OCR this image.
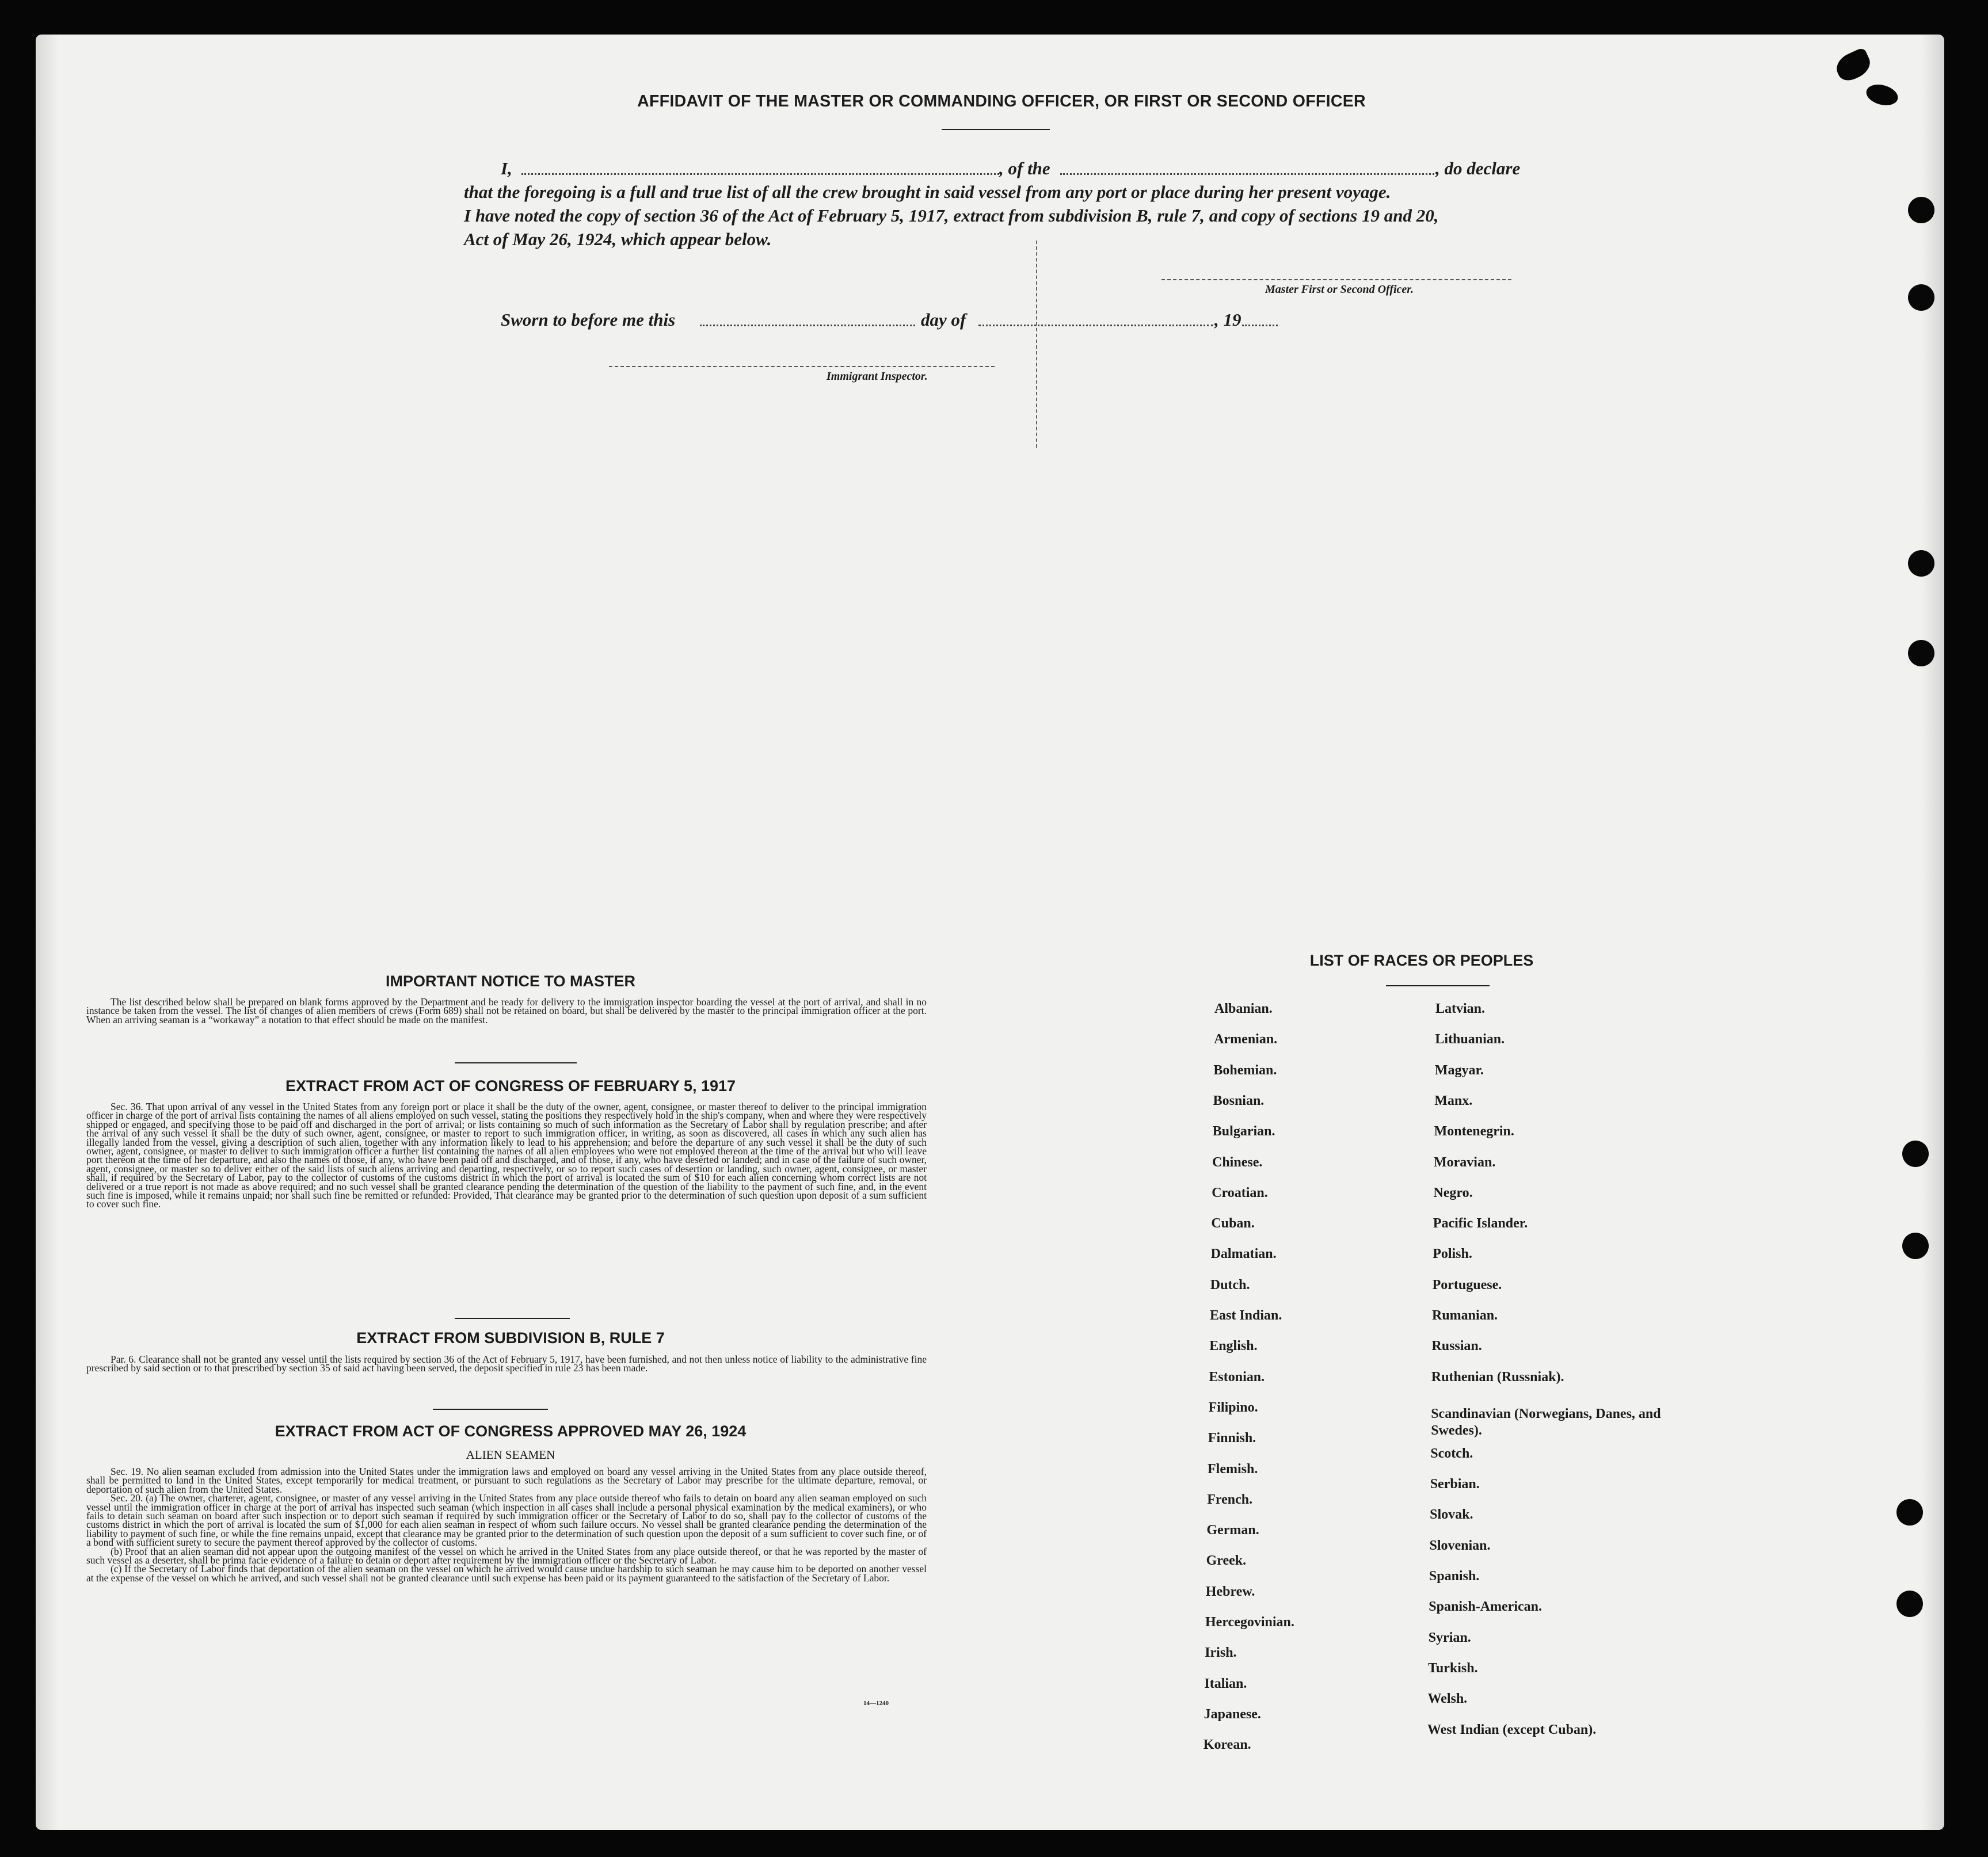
AFFIDAVIT OF THE MASTER OR COMMANDING OFFICER, OR FIRST OR SECOND OFFICER
I,	, of the	, do declare
that the foregoing is a full and true list of all the crew brought in said vessel from any port or place during her present voyage.
I have noted the copy of section 36 of the Act of February 5, 1917, extract from subdivision B, rule 7, and copy of sections 19 and 20,
Act of May 26, 1924, which appear below.
Master First or Second Officer.
Sworn to before me this	day of	, 19
Immigrant Inspector.
IMPORTANT NOTICE TO MASTER

The list described below shall be prepared on blank forms approved by the Department and be ready for delivery to the immigration inspector boarding the vessel at the port of arrival, and shall in no instance be taken from the vessel. The list of changes of alien members of crews (Form 689) shall not be retained on board, but shall be delivered by the master to the principal immigration officer at the port. When an arriving seaman is a “workaway” a notation to that effect should be made on the manifest.

EXTRACT FROM ACT OF CONGRESS OF FEBRUARY 5, 1917

Sec. 36. That upon arrival of any vessel in the United States from any foreign port or place it shall be the duty of the owner, agent, consignee, or master thereof to deliver to the principal immigration officer in charge of the port of arrival lists containing the names of all aliens employed on such vessel, stating the positions they respectively hold in the ship's company, when and where they were respectively shipped or engaged, and specifying those to be paid off and discharged in the port of arrival; or lists containing so much of such information as the Secretary of Labor shall by regulation prescribe; and after the arrival of any such vessel it shall be the duty of such owner, agent, consignee, or master to report to such immigration officer, in writing, as soon as discovered, all cases in which any such alien has illegally landed from the vessel, giving a description of such alien, together with any information likely to lead to his apprehension; and before the departure of any such vessel it shall be the duty of such owner, agent, consignee, or master to deliver to such immigration officer a further list containing the names of all alien employees who were not employed thereon at the time of the arrival but who will leave port thereon at the time of her departure, and also the names of those, if any, who have been paid off and discharged, and of those, if any, who have deserted or landed; and in case of the failure of such owner, agent, consignee, or master so to deliver either of the said lists of such aliens arriving and departing, respectively, or so to report such cases of desertion or landing, such owner, agent, consignee, or master shall, if required by the Secretary of Labor, pay to the collector of customs of the customs district in which the port of arrival is located the sum of $10 for each alien concerning whom correct lists are not delivered or a true report is not made as above required; and no such vessel shall be granted clearance pending the determination of the question of the liability to the payment of such fine, and, in the event such fine is imposed, while it remains unpaid; nor shall such fine be remitted or refunded: Provided, That clearance may be granted prior to the determination of such question upon deposit of a sum sufficient to cover such fine.

EXTRACT FROM SUBDIVISION B, RULE 7

Par. 6. Clearance shall not be granted any vessel until the lists required by section 36 of the Act of February 5, 1917, have been furnished, and not then unless notice of liability to the administrative fine prescribed by said section or to that prescribed by section 35 of said act having been served, the deposit specified in rule 23 has been made.

EXTRACT FROM ACT OF CONGRESS APPROVED MAY 26, 1924
ALIEN SEAMEN

Sec. 19. No alien seaman excluded from admission into the United States under the immigration laws and employed on board any vessel arriving in the United States from any place outside thereof, shall be permitted to land in the United States, except temporarily for medical treatment, or pursuant to such regulations as the Secretary of Labor may prescribe for the ultimate departure, removal, or deportation of such alien from the United States.

Sec. 20. (a) The owner, charterer, agent, consignee, or master of any vessel arriving in the United States from any place outside thereof who fails to detain on board any alien seaman employed on such vessel until the immigration officer in charge at the port of arrival has inspected such seaman (which inspection in all cases shall include a personal physical examination by the medical examiners), or who fails to detain such seaman on board after such inspection or to deport such seaman if required by such immigration officer or the Secretary of Labor to do so, shall pay to the collector of customs of the customs district in which the port of arrival is located the sum of $1,000 for each alien seaman in respect of whom such failure occurs. No vessel shall be granted clearance pending the determination of the liability to payment of such fine, or while the fine remains unpaid, except that clearance may be granted prior to the determination of such question upon the deposit of a sum sufficient to cover such fine, or of a bond with sufficient surety to secure the payment thereof approved by the collector of customs.

(b) Proof that an alien seaman did not appear upon the outgoing manifest of the vessel on which he arrived in the United States from any place outside thereof, or that he was reported by the master of such vessel as a deserter, shall be prima facie evidence of a failure to detain or deport after requirement by the immigration officer or the Secretary of Labor.

(c) If the Secretary of Labor finds that deportation of the alien seaman on the vessel on which he arrived would cause undue hardship to such seaman he may cause him to be deported on another vessel at the expense of the vessel on which he arrived, and such vessel shall not be granted clearance until such expense has been paid or its payment guaranteed to the satisfaction of the Secretary of Labor.

14—1240
LIST OF RACES OR PEOPLES
Albanian.
Armenian.
Bohemian.
Bosnian.
Bulgarian.
Chinese.
Croatian.
Cuban.
Dalmatian.
Dutch.
East Indian.
English.
Estonian.
Filipino.
Finnish.
Flemish.
French.
German.
Greek.
Hebrew.
Hercegovinian.
Irish.
Italian.
Japanese.
Korean.
Latvian.
Lithuanian.
Magyar.
Manx.
Montenegrin.
Moravian.
Negro.
Pacific Islander.
Polish.
Portuguese.
Rumanian.
Russian.
Ruthenian (Russniak).
Scandinavian (Norwegians, Danes, and Swedes).
Scotch.
Serbian.
Slovak.
Slovenian.
Spanish.
Spanish-American.
Syrian.
Turkish.
Welsh.
West Indian (except Cuban).
